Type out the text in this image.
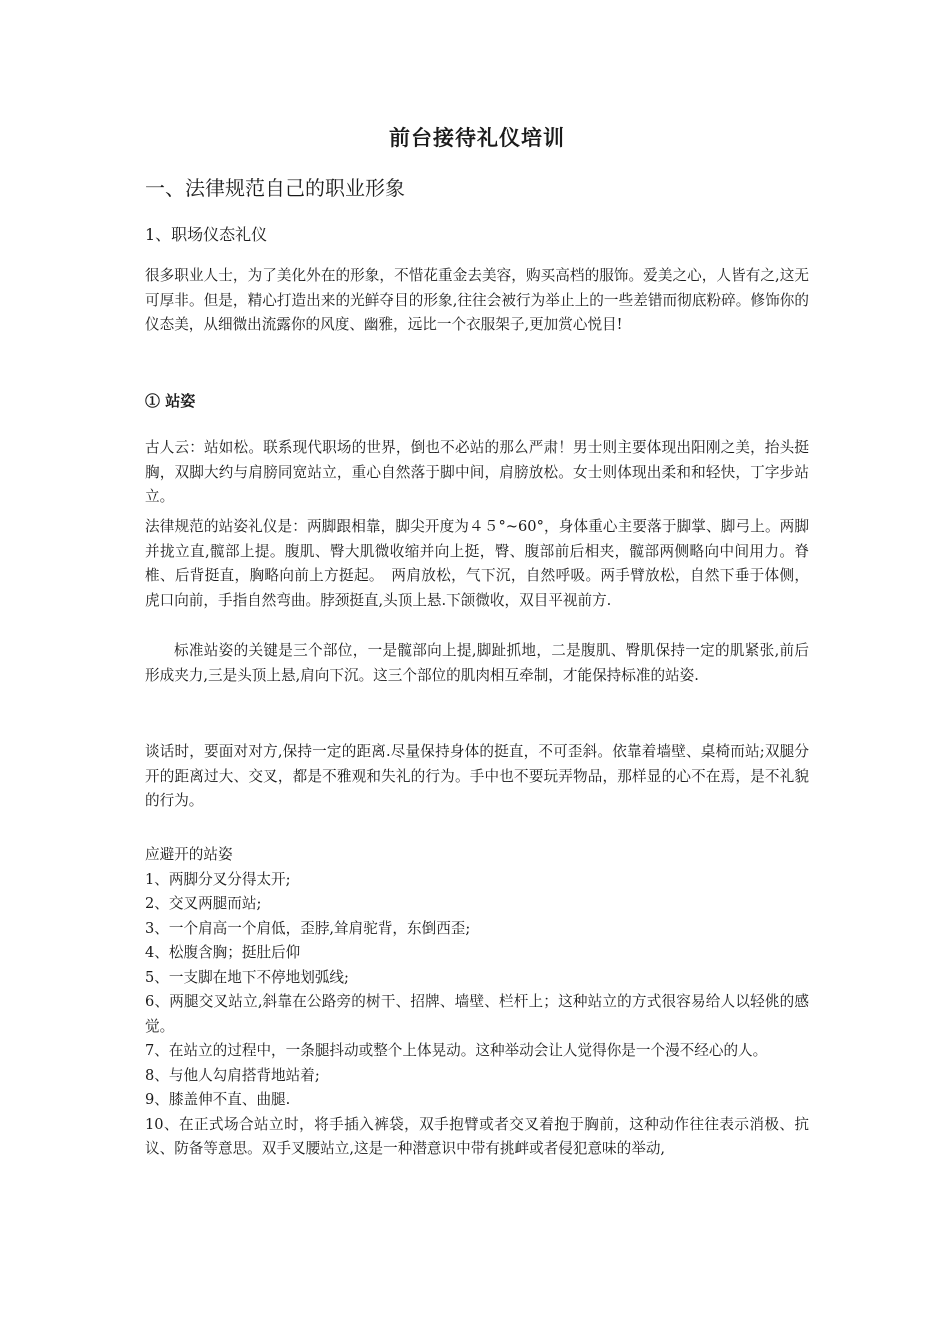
前台接待礼仪培训
一、法律规范自己的职业形象
1、职场仪态礼仪

很多职业人士，为了美化外在的形象，不惜花重金去美容，购买高档的服饰。爱美之心，人皆有之,这无可厚非。但是，精心打造出来的光鲜夺目的形象,往往会被行为举止上的一些差错而彻底粉碎。修饰你的仪态美，从细微出流露你的风度、幽雅，远比一个衣服架子,更加赏心悦目!

① 站姿

古人云：站如松。联系现代职场的世界，倒也不必站的那么严肃！男士则主要体现出阳刚之美，抬头挺胸，双脚大约与肩膀同宽站立，重心自然落于脚中间，肩膀放松。女士则体现出柔和和轻快，丁字步站立。

法律规范的站姿礼仪是：两脚跟相靠，脚尖开度为４５°~60°，身体重心主要落于脚掌、脚弓上。两脚并拢立直,髋部上提。腹肌、臀大肌微收缩并向上挺，臀、腹部前后相夹，髋部两侧略向中间用力。脊椎、后背挺直，胸略向前上方挺起。　两肩放松，气下沉，自然呼吸。两手臂放松，自然下垂于体侧，虎口向前，手指自然弯曲。脖颈挺直,头顶上悬.下颌微收，双目平视前方.

标准站姿的关键是三个部位，一是髋部向上提,脚趾抓地，二是腹肌、臀肌保持一定的肌紧张,前后形成夹力,三是头顶上悬,肩向下沉。这三个部位的肌肉相互牵制，才能保持标准的站姿.

谈话时，要面对对方,保持一定的距离.尽量保持身体的挺直，不可歪斜。依靠着墙壁、桌椅而站;双腿分开的距离过大、交叉，都是不雅观和失礼的行为。手中也不要玩弄物品，那样显的心不在焉，是不礼貌的行为。

应避开的站姿
1、两脚分叉分得太开;
2、交叉两腿而站;
3、一个肩高一个肩低，歪脖,耸肩驼背，东倒西歪;
4、松腹含胸；挺肚后仰
5、一支脚在地下不停地划弧线;
6、两腿交叉站立,斜靠在公路旁的树干、招牌、墙壁、栏杆上；这种站立的方式很容易给人以轻佻的感觉。
7、在站立的过程中，一条腿抖动或整个上体晃动。这种举动会让人觉得你是一个漫不经心的人。
8、与他人勾肩搭背地站着;
9、膝盖伸不直、曲腿.
10、在正式场合站立时，将手插入裤袋，双手抱臂或者交叉着抱于胸前，这种动作往往表示消极、抗议、防备等意思。双手叉腰站立,这是一种潜意识中带有挑衅或者侵犯意味的举动,
